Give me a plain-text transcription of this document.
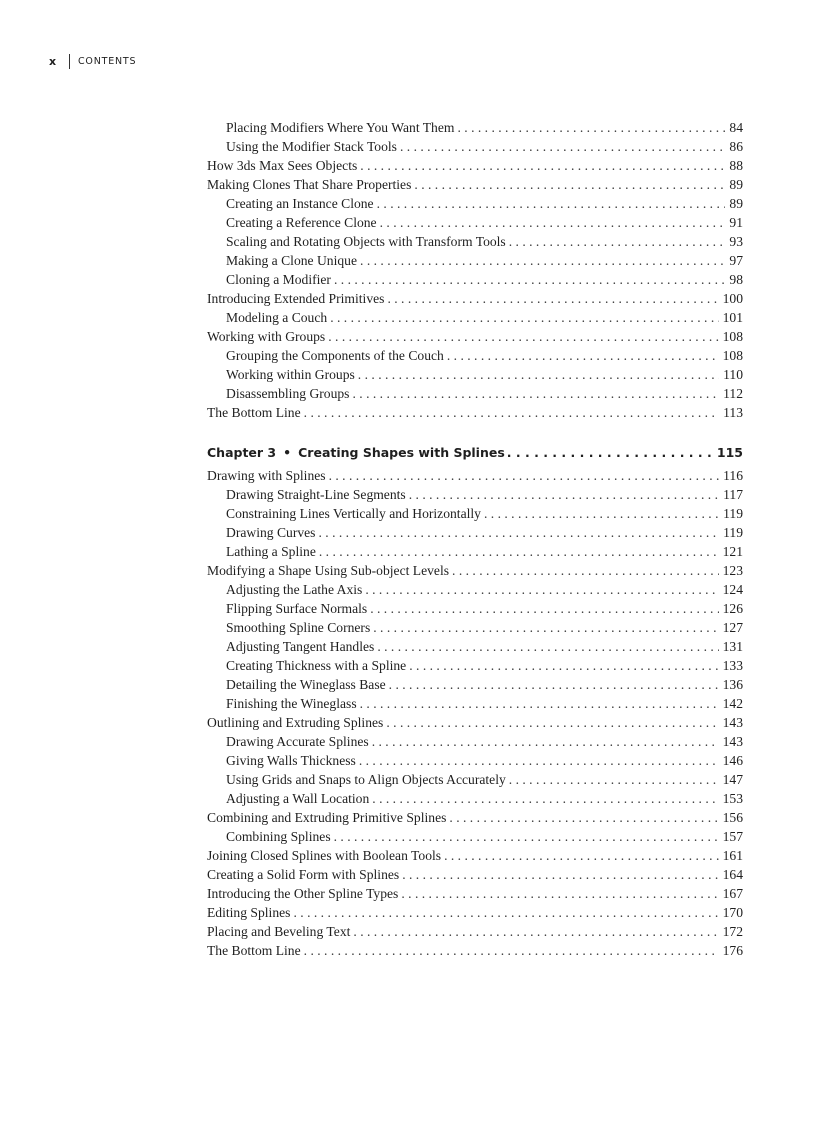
x	CONTENTS
Placing Modifiers Where You Want Them . . .	84
Using the Modifier Stack Tools . . .	86
How 3ds Max Sees Objects . . .	88
Making Clones That Share Properties . . .	89
Creating an Instance Clone . . .	89
Creating a Reference Clone . . .	91
Scaling and Rotating Objects with Transform Tools . . .	93
Making a Clone Unique . . .	97
Cloning a Modifier . . .	98
Introducing Extended Primitives . . .	100
Modeling a Couch . . .	101
Working with Groups . . .	108
Grouping the Components of the Couch . . .	108
Working within Groups . . .	110
Disassembling Groups . . .	112
The Bottom Line . . .	113
Chapter 3 • Creating Shapes with Splines . . .	115
Drawing with Splines . . .	116
Drawing Straight-Line Segments . . .	117
Constraining Lines Vertically and Horizontally . . .	119
Drawing Curves . . .	119
Lathing a Spline . . .	121
Modifying a Shape Using Sub-object Levels . . .	123
Adjusting the Lathe Axis . . .	124
Flipping Surface Normals . . .	126
Smoothing Spline Corners . . .	127
Adjusting Tangent Handles . . .	131
Creating Thickness with a Spline . . .	133
Detailing the Wineglass Base . . .	136
Finishing the Wineglass . . .	142
Outlining and Extruding Splines . . .	143
Drawing Accurate Splines . . .	143
Giving Walls Thickness . . .	146
Using Grids and Snaps to Align Objects Accurately . . .	147
Adjusting a Wall Location . . .	153
Combining and Extruding Primitive Splines . . .	156
Combining Splines . . .	157
Joining Closed Splines with Boolean Tools . . .	161
Creating a Solid Form with Splines . . .	164
Introducing the Other Spline Types . . .	167
Editing Splines . . .	170
Placing and Beveling Text . . .	172
The Bottom Line . . .	176
